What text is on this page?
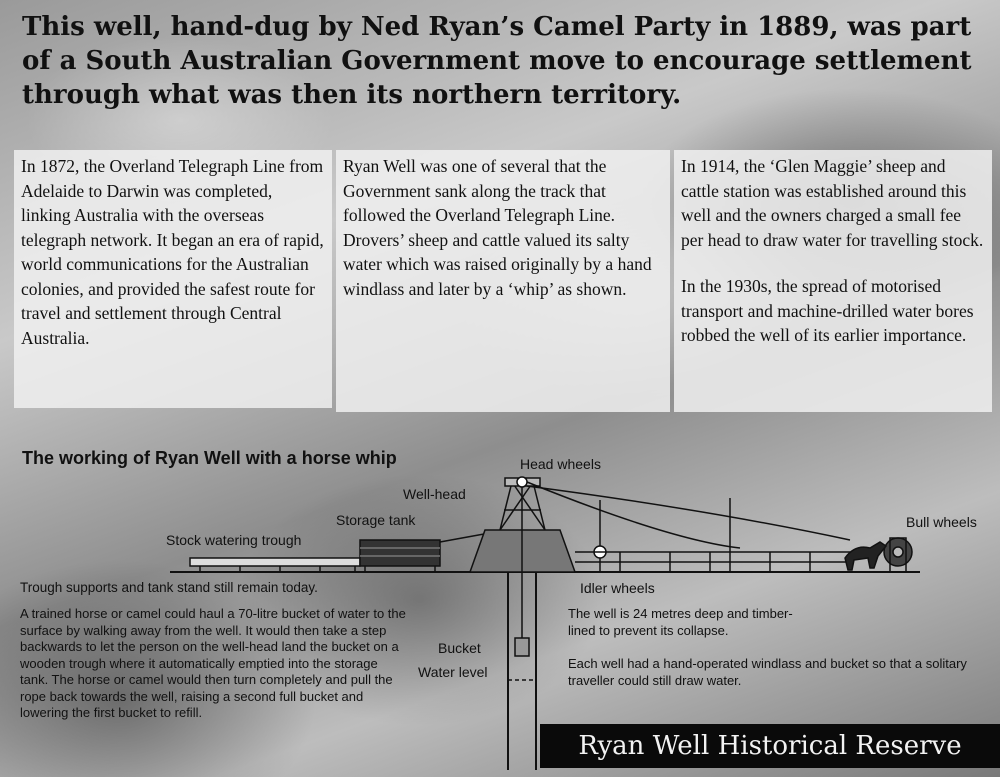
This well, hand-dug by Ned Ryan’s Camel Party in 1889, was part of a South Australian Government move to encourage settlement through what was then its northern territory.

In 1872, the Overland Telegraph Line from Adelaide to Darwin was completed, linking Australia with the overseas telegraph network. It began an era of rapid, world communications for the Australian colonies, and provided the safest route for travel and settlement through Central Australia.

Ryan Well was one of several that the Government sank along the track that followed the Overland Telegraph Line. Drovers’ sheep and cattle valued its salty water which was raised originally by a hand windlass and later by a ‘whip’ as shown.

In 1914, the ‘Glen Maggie’ sheep and cattle station was established around this well and the owners charged a small fee per head to draw water for travelling stock.

In the 1930s, the spread of motorised transport and machine-drilled water bores robbed the well of its earlier importance.

The working of Ryan Well with a horse whip	Head wheels
Well-head
Storage tank
Stock watering trough
Bull wheels
Idler wheels
Bucket
Water level

Trough supports and tank stand still remain today.

A trained horse or camel could haul a 70-litre bucket of water to the surface by walking away from the well. It would then take a step backwards to let the person on the well-head land the bucket on a wooden trough where it automatically emptied into the storage tank. The horse or camel would then turn completely and pull the rope back towards the well, raising a second full bucket and lowering the first bucket to refill.

The well is 24 metres deep and timber- lined to prevent its collapse.

Each well had a hand-operated windlass and bucket so that a solitary traveller could still draw water.

Ryan Well Historical Reserve
